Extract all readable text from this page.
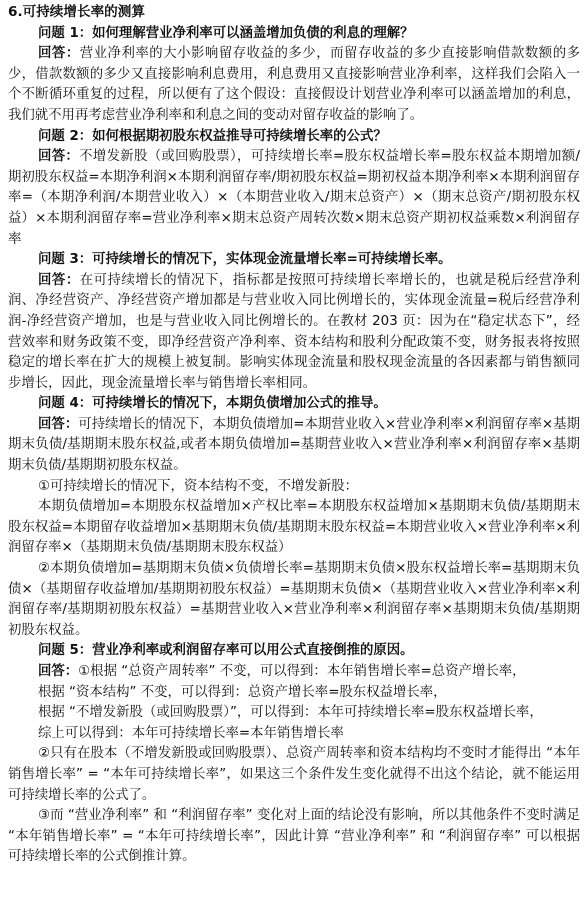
6.可持续增长率的测算
问题 1：如何理解营业净利率可以涵盖增加负债的利息的理解？

回答：营业净利率的大小影响留存收益的多少，而留存收益的多少直接影响借款数额的多少，借款数额的多少又直接影响利息费用，利息费用又直接影响营业净利率，这样我们会陷入一个不断循环重复的过程，所以便有了这个假设：直接假设计划营业净利率可以涵盖增加的利息，我们就不用再考虑营业净利率和利息之间的变动对留存收益的影响了。

问题 2：如何根据期初股东权益推导可持续增长率的公式？

回答：不增发新股（或回购股票），可持续增长率=股东权益增长率=股东权益本期增加额/期初股东权益=本期净利润×本期利润留存率/期初股东权益=期初权益本期净利率×本期利润留存率=（本期净利润/本期营业收入）×（本期营业收入/期末总资产）×（期末总资产/期初股东权益）×本期利润留存率=营业净利率×期末总资产周转次数×期末总资产期初权益乘数×利润留存率

问题 3：可持续增长的情况下，实体现金流量增长率=可持续增长率。

回答：在可持续增长的情况下，指标都是按照可持续增长率增长的，也就是税后经营净利润、净经营资产、净经营资产增加都是与营业收入同比例增长的，实体现金流量=税后经营净利润-净经营资产增加，也是与营业收入同比例增长的。在教材 203 页：因为在“稳定状态下”，经营效率和财务政策不变，即净经营资产净利率、资本结构和股利分配政策不变，财务报表将按照稳定的增长率在扩大的规模上被复制。影响实体现金流量和股权现金流量的各因素都与销售额同步增长，因此，现金流量增长率与销售增长率相同。

问题 4：可持续增长的情况下，本期负债增加公式的推导。

回答：可持续增长的情况下，本期负债增加=本期营业收入×营业净利率×利润留存率×基期期末负债/基期期末股东权益,或者本期负债增加=基期营业收入×营业净利率×利润留存率×基期期末负债/基期期初股东权益。

①可持续增长的情况下，资本结构不变，不增发新股：

本期负债增加=本期股东权益增加×产权比率=本期股东权益增加×基期期末负债/基期期末股东权益=本期留存收益增加×基期期末负债/基期期末股东权益=本期营业收入×营业净利率×利润留存率×（基期期末负债/基期期末股东权益）

②本期负债增加=基期期末负债×负债增长率=基期期末负债×股东权益增长率=基期期末负债×（基期留存收益增加/基期期初股东权益）=基期期末负债×（基期营业收入×营业净利率×利润留存率/基期期初股东权益）=基期营业收入×营业净利率×利润留存率×基期期末负债/基期期初股东权益。

问题 5：营业净利率或利润留存率可以用公式直接倒推的原因。

回答：①根据 “总资产周转率” 不变，可以得到：本年销售增长率=总资产增长率，

根据 “资本结构” 不变，可以得到：总资产增长率=股东权益增长率，

根据 “不增发新股（或回购股票）”，可以得到：本年可持续增长率=股东权益增长率，

综上可以得到：本年可持续增长率=本年销售增长率

②只有在股本（不增发新股或回购股票）、总资产周转率和资本结构均不变时才能得出 “本年销售增长率” = “本年可持续增长率”，如果这三个条件发生变化就得不出这个结论，就不能运用可持续增长率的公式了。

③而 “营业净利率” 和 “利润留存率” 变化对上面的结论没有影响，所以其他条件不变时满足 “本年销售增长率” = “本年可持续增长率”，因此计算 “营业净利率” 和 “利润留存率” 可以根据可持续增长率的公式倒推计算。
